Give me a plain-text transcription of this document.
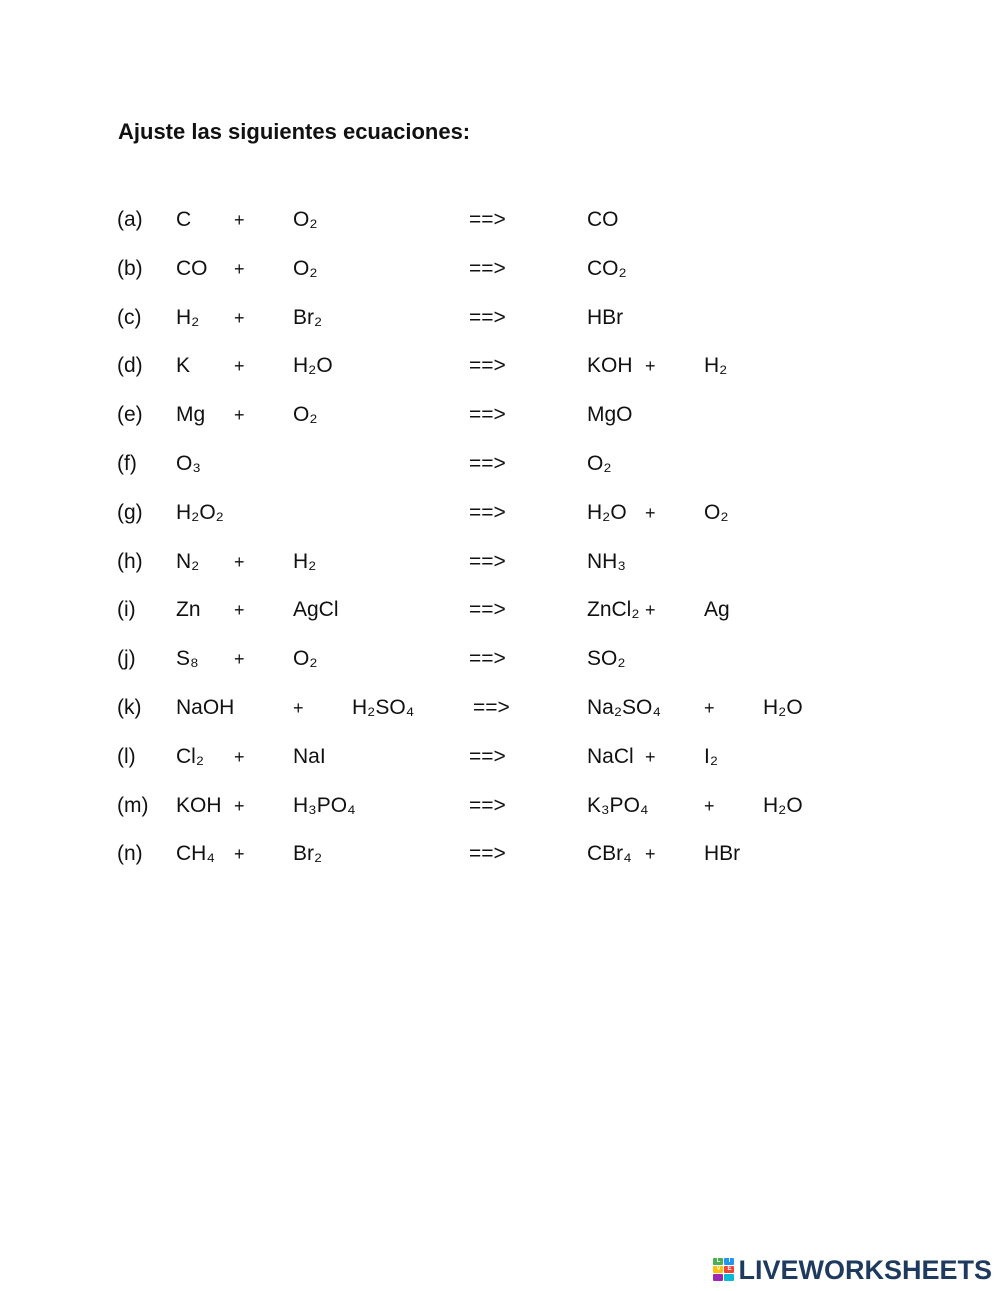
Ajuste las siguientes ecuaciones:
(a) C + O₂	==>	CO
(b) CO + O₂	==>	CO₂
(c) H₂ + Br₂	==>	HBr
(d) K + H₂O	==>	KOH + H₂
(e) Mg + O₂	==>	MgO
(f) O₃	==>	O₂
(g) H₂O₂	==>	H₂O + O₂
(h) N₂ + H₂	==>	NH₃
(i) Zn + AgCl	==>	ZnCl₂ + Ag
(j) S₈ + O₂	==>	SO₂
(k) NaOH	+ H₂SO₄	==>	Na₂SO₄ + H₂O
(l) Cl₂ + NaI	==>	NaCl + I₂
(m) KOH + H₃PO₄	==>	K₃PO₄	+ H₂O
(n) CH₄ + Br₂	==>	CBr₄ + HBr
L	I
V	E LIVEWORKSHEETS
